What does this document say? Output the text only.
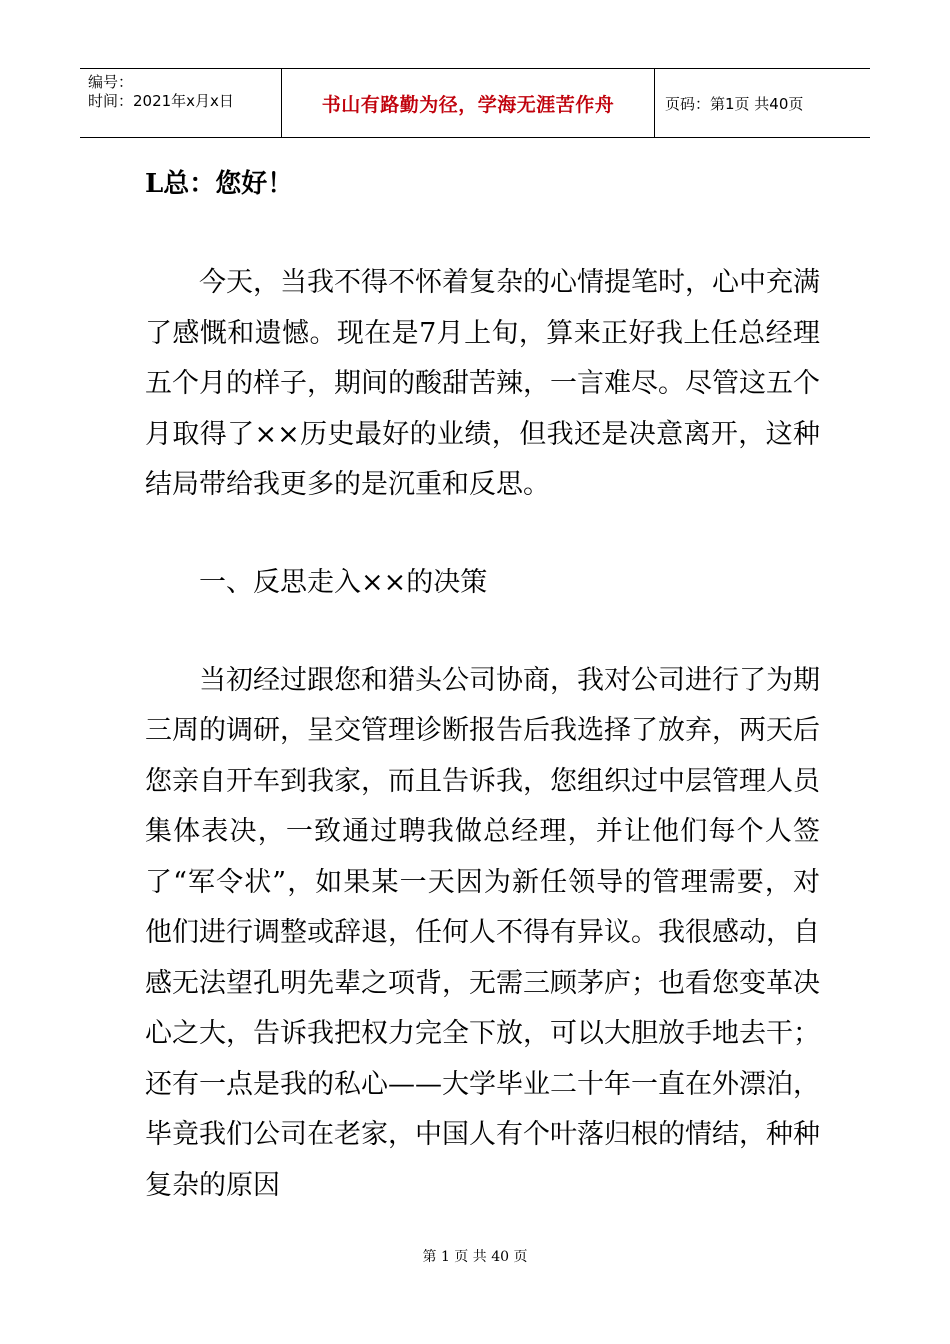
编号：
时间：2021年x月x日	书山有路勤为径，学海无涯苦作舟	页码：第1页 共40页

L总：您好！

今天，当我不得不怀着复杂的心情提笔时，心中充满了感慨和遗憾。现在是7月上旬，算来正好我上任总经理五个月的样子，期间的酸甜苦辣，一言难尽。尽管这五个月取得了××历史最好的业绩，但我还是决意离开，这种结局带给我更多的是沉重和反思。

一、反思走入××的决策

当初经过跟您和猎头公司协商，我对公司进行了为期三周的调研，呈交管理诊断报告后我选择了放弃，两天后您亲自开车到我家，而且告诉我，您组织过中层管理人员集体表决，一致通过聘我做总经理，并让他们每个人签了“军令状”，如果某一天因为新任领导的管理需要，对他们进行调整或辞退，任何人不得有异议。我很感动，自感无法望孔明先辈之项背，无需三顾茅庐；也看您变革决心之大，告诉我把权力完全下放，可以大胆放手地去干；还有一点是我的私心——大学毕业二十年一直在外漂泊，毕竟我们公司在老家，中国人有个叶落归根的情结，种种复杂的原因

第 1 页 共 40 页
